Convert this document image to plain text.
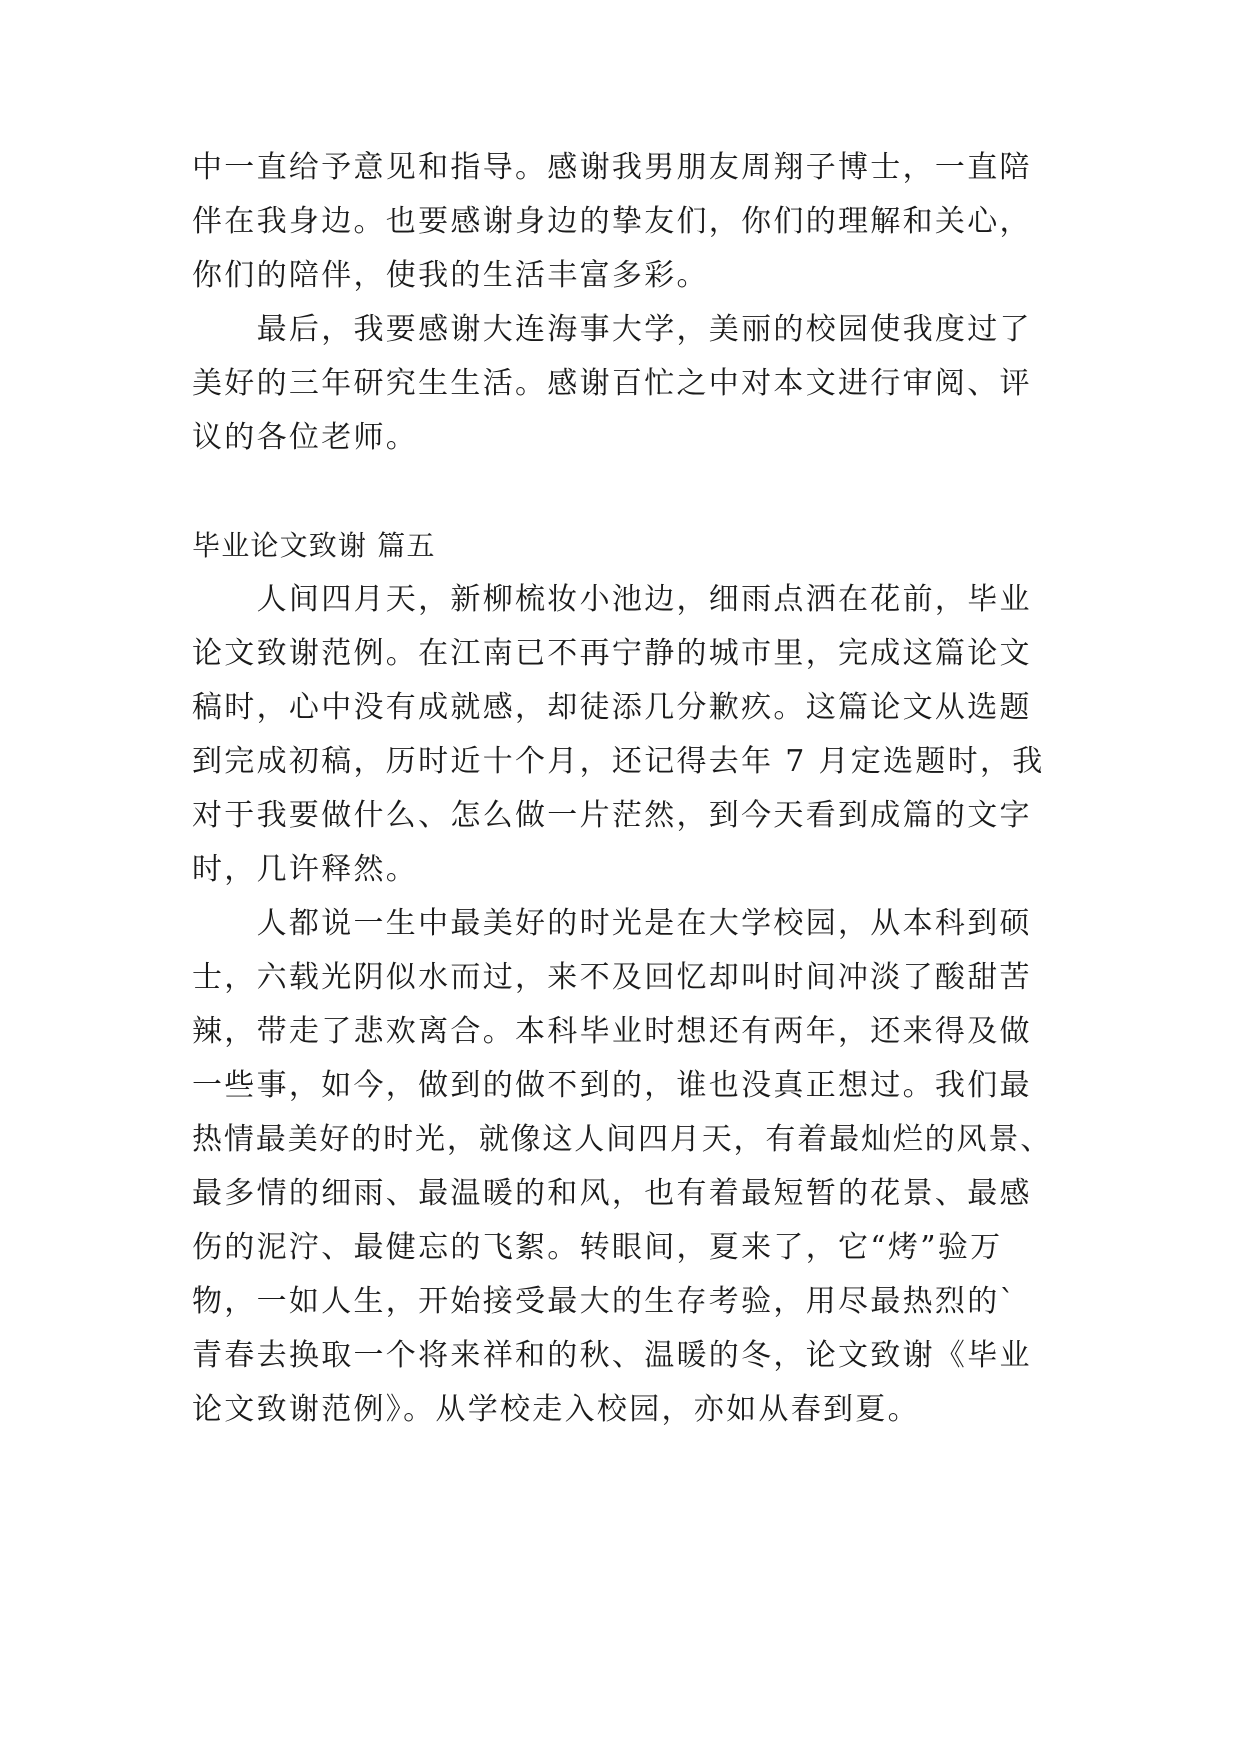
中一直给予意见和指导。感谢我男朋友周翔子博士，一直陪
伴在我身边。也要感谢身边的挚友们，你们的理解和关心，
你们的陪伴，使我的生活丰富多彩。
　　最后，我要感谢大连海事大学，美丽的校园使我度过了
美好的三年研究生生活。感谢百忙之中对本文进行审阅、评
议的各位老师。
毕业论文致谢 篇五
　　人间四月天，新柳梳妆小池边，细雨点洒在花前，毕业
论文致谢范例。在江南已不再宁静的城市里，完成这篇论文
稿时，心中没有成就感，却徒添几分歉疚。这篇论文从选题
到完成初稿，历时近十个月，还记得去年 7 月定选题时，我
对于我要做什么、怎么做一片茫然，到今天看到成篇的文字
时，几许释然。
　　人都说一生中最美好的时光是在大学校园，从本科到硕
士，六载光阴似水而过，来不及回忆却叫时间冲淡了酸甜苦
辣，带走了悲欢离合。本科毕业时想还有两年，还来得及做
一些事，如今，做到的做不到的，谁也没真正想过。我们最
热情最美好的时光，就像这人间四月天，有着最灿烂的风景、
最多情的细雨、最温暖的和风，也有着最短暂的花景、最感
伤的泥泞、最健忘的飞絮。转眼间，夏来了，它“烤”验万
物，一如人生，开始接受最大的生存考验，用尽最热烈的`
青春去换取一个将来祥和的秋、温暖的冬，论文致谢《毕业
论文致谢范例》。从学校走入校园，亦如从春到夏。
